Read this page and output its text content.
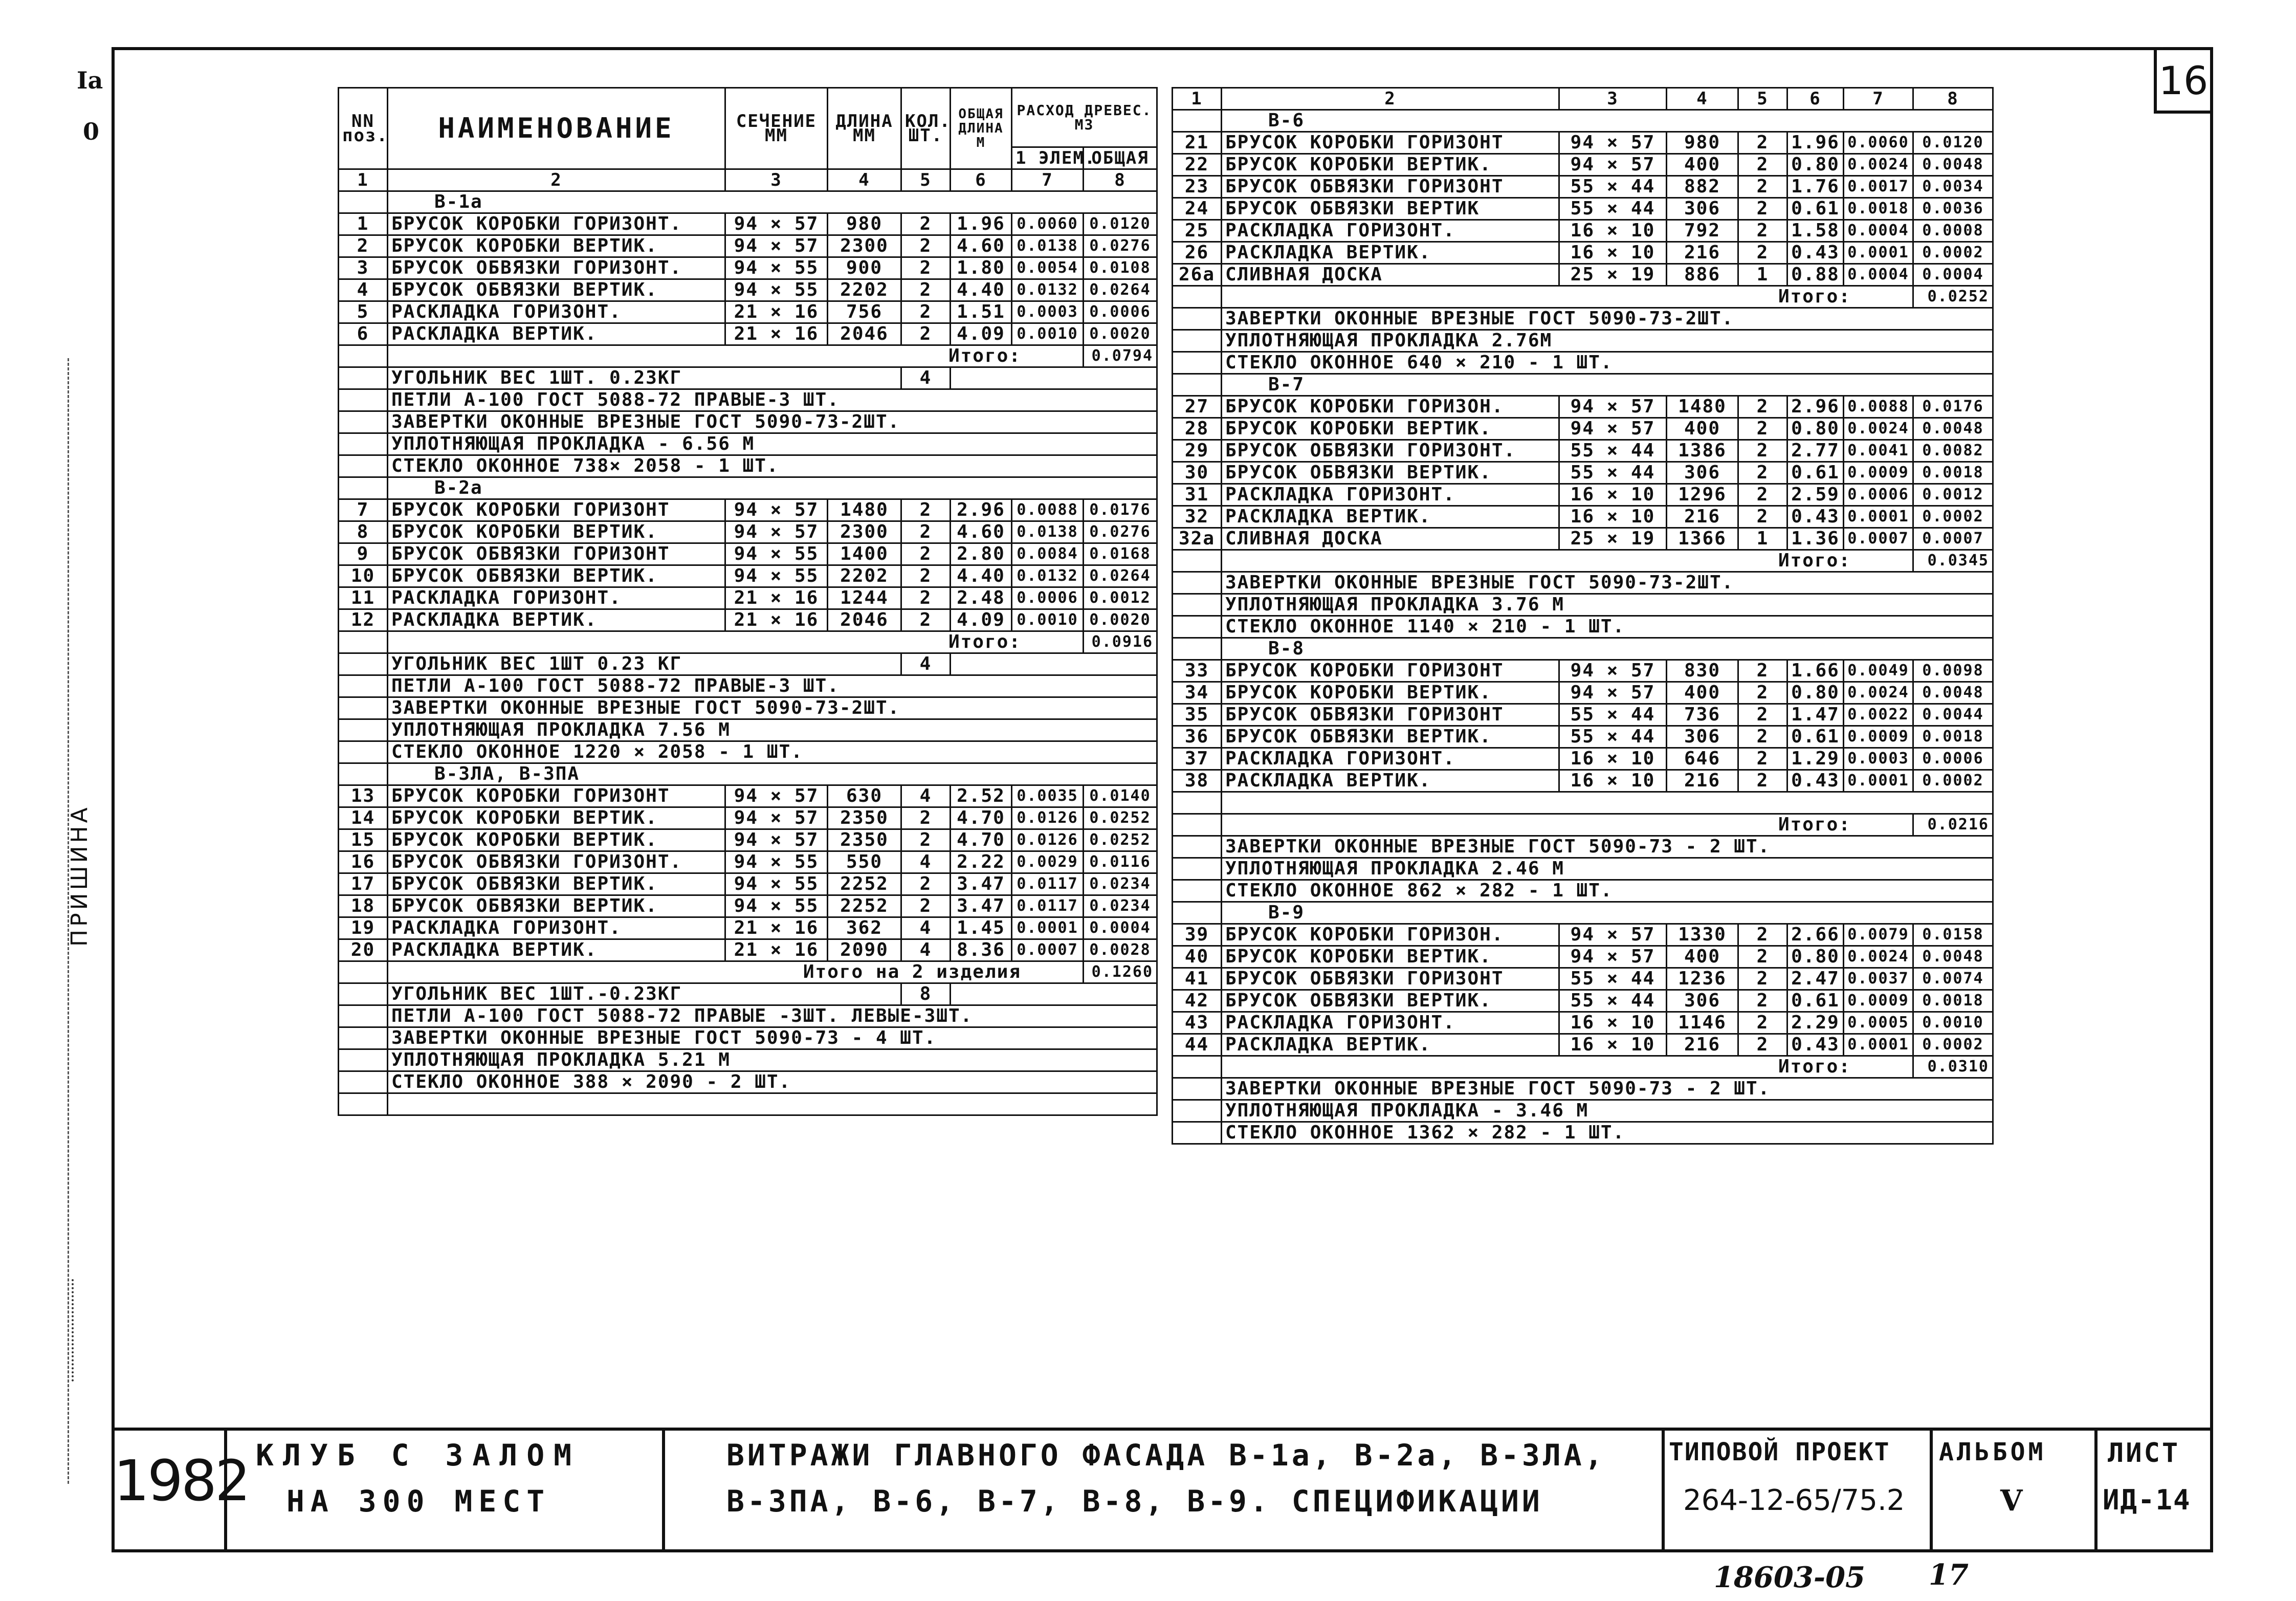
16
Iа
0
ПРИШИНА
NN поз.	НАИМЕНОВАНИЕ	СЕЧЕНИЕ ММ	ДЛИНА ММ	КОЛ. ШТ.	ОБЩАЯ ДЛИНА М	РАСХОД ДРЕВЕС. М3	
						1 ЭЛЕМ.	ОБЩАЯ
1	2	3	4	5	6	7	8
	В-1а						
1	БРУСОК КОРОБКИ ГОРИЗОНТ.	94 × 57	980	2	1.96	0.0060	0.0120
2	БРУСОК КОРОБКИ ВЕРТИК.	94 × 57	2300	2	4.60	0.0138	0.0276
3	БРУСОК ОБВЯЗКИ ГОРИЗОНТ.	94 × 55	900	2	1.80	0.0054	0.0108
4	БРУСОК ОБВЯЗКИ ВЕРТИК.	94 × 55	2202	2	4.40	0.0132	0.0264
5	РАСКЛАДКА ГОРИЗОНТ.	21 × 16	756	2	1.51	0.0003	0.0006
6	РАСКЛАДКА ВЕРТИК.	21 × 16	2046	2	4.09	0.0010	0.0020
	Итого:						0.0794
	УГОЛЬНИК ВЕС 1ШТ. 0.23КГ			4			
	ПЕТЛИ А-100 ГОСТ 5088-72 ПРАВЫЕ-3 ШТ.						
	ЗАВЕРТКИ ОКОННЫЕ ВРЕЗНЫЕ ГОСТ 5090-73-2ШТ.						
	УПЛОТНЯЮЩАЯ ПРОКЛАДКА - 6.56 М						
	СТЕКЛО ОКОННОЕ 738× 2058 - 1 ШТ.						
	В-2а						
7	БРУСОК КОРОБКИ ГОРИЗОНТ	94 × 57	1480	2	2.96	0.0088	0.0176
8	БРУСОК КОРОБКИ ВЕРТИК.	94 × 57	2300	2	4.60	0.0138	0.0276
9	БРУСОК ОБВЯЗКИ ГОРИЗОНТ	94 × 55	1400	2	2.80	0.0084	0.0168
10	БРУСОК ОБВЯЗКИ ВЕРТИК.	94 × 55	2202	2	4.40	0.0132	0.0264
11	РАСКЛАДКА ГОРИЗОНТ.	21 × 16	1244	2	2.48	0.0006	0.0012
12	РАСКЛАДКА ВЕРТИК.	21 × 16	2046	2	4.09	0.0010	0.0020
	Итого:						0.0916
	УГОЛЬНИК ВЕС 1ШТ 0.23 КГ			4			
	ПЕТЛИ А-100 ГОСТ 5088-72 ПРАВЫЕ-3 ШТ.						
	ЗАВЕРТКИ ОКОННЫЕ ВРЕЗНЫЕ ГОСТ 5090-73-2ШТ.						
	УПЛОТНЯЮЩАЯ ПРОКЛАДКА 7.56 М						
	СТЕКЛО ОКОННОЕ 1220 × 2058 - 1 ШТ.						
	В-3ЛА, В-3ПА						
13	БРУСОК КОРОБКИ ГОРИЗОНТ	94 × 57	630	4	2.52	0.0035	0.0140
14	БРУСОК КОРОБКИ ВЕРТИК.	94 × 57	2350	2	4.70	0.0126	0.0252
15	БРУСОК КОРОБКИ ВЕРТИК.	94 × 57	2350	2	4.70	0.0126	0.0252
16	БРУСОК ОБВЯЗКИ ГОРИЗОНТ.	94 × 55	550	4	2.22	0.0029	0.0116
17	БРУСОК ОБВЯЗКИ ВЕРТИК.	94 × 55	2252	2	3.47	0.0117	0.0234
18	БРУСОК ОБВЯЗКИ ВЕРТИК.	94 × 55	2252	2	3.47	0.0117	0.0234
19	РАСКЛАДКА ГОРИЗОНТ.	21 × 16	362	4	1.45	0.0001	0.0004
20	РАСКЛАДКА ВЕРТИК.	21 × 16	2090	4	8.36	0.0007	0.0028
	Итого на 2 изделия						0.1260
	УГОЛЬНИК ВЕС 1ШТ.-0.23КГ			8			
	ПЕТЛИ А-100 ГОСТ 5088-72 ПРАВЫЕ -3ШТ. ЛЕВЫЕ-3ШТ.						
	ЗАВЕРТКИ ОКОННЫЕ ВРЕЗНЫЕ ГОСТ 5090-73 - 4 ШТ.						
	УПЛОТНЯЮЩАЯ ПРОКЛАДКА 5.21 М						
	СТЕКЛО ОКОННОЕ 388 × 2090 - 2 ШТ.						

1	2	3	4	5	6	7	8
	В-6						
21	БРУСОК КОРОБКИ ГОРИЗОНТ	94 × 57	980	2	1.96	0.0060	0.0120
22	БРУСОК КОРОБКИ ВЕРТИК.	94 × 57	400	2	0.80	0.0024	0.0048
23	БРУСОК ОБВЯЗКИ ГОРИЗОНТ	55 × 44	882	2	1.76	0.0017	0.0034
24	БРУСОК ОБВЯЗКИ ВЕРТИК	55 × 44	306	2	0.61	0.0018	0.0036
25	РАСКЛАДКА ГОРИЗОНТ.	16 × 10	792	2	1.58	0.0004	0.0008
26	РАСКЛАДКА ВЕРТИК.	16 × 10	216	2	0.43	0.0001	0.0002
26а	СЛИВНАЯ ДОСКА	25 × 19	886	1	0.88	0.0004	0.0004
	Итого:						0.0252
	ЗАВЕРТКИ ОКОННЫЕ ВРЕЗНЫЕ ГОСТ 5090-73-2ШТ.						
	УПЛОТНЯЮЩАЯ ПРОКЛАДКА 2.76М						
	СТЕКЛО ОКОННОЕ 640 × 210 - 1 ШТ.						
	В-7						
27	БРУСОК КОРОБКИ ГОРИЗОН.	94 × 57	1480	2	2.96	0.0088	0.0176
28	БРУСОК КОРОБКИ ВЕРТИК.	94 × 57	400	2	0.80	0.0024	0.0048
29	БРУСОК ОБВЯЗКИ ГОРИЗОНТ.	55 × 44	1386	2	2.77	0.0041	0.0082
30	БРУСОК ОБВЯЗКИ ВЕРТИК.	55 × 44	306	2	0.61	0.0009	0.0018
31	РАСКЛАДКА ГОРИЗОНТ.	16 × 10	1296	2	2.59	0.0006	0.0012
32	РАСКЛАДКА ВЕРТИК.	16 × 10	216	2	0.43	0.0001	0.0002
32а	СЛИВНАЯ ДОСКА	25 × 19	1366	1	1.36	0.0007	0.0007
	Итого:						0.0345
	ЗАВЕРТКИ ОКОННЫЕ ВРЕЗНЫЕ ГОСТ 5090-73-2ШТ.						
	УПЛОТНЯЮЩАЯ ПРОКЛАДКА 3.76 М						
	СТЕКЛО ОКОННОЕ 1140 × 210 - 1 ШТ.						
	В-8						
33	БРУСОК КОРОБКИ ГОРИЗОНТ	94 × 57	830	2	1.66	0.0049	0.0098
34	БРУСОК КОРОБКИ ВЕРТИК.	94 × 57	400	2	0.80	0.0024	0.0048
35	БРУСОК ОБВЯЗКИ ГОРИЗОНТ	55 × 44	736	2	1.47	0.0022	0.0044
36	БРУСОК ОБВЯЗКИ ВЕРТИК.	55 × 44	306	2	0.61	0.0009	0.0018
37	РАСКЛАДКА ГОРИЗОНТ.	16 × 10	646	2	1.29	0.0003	0.0006
38	РАСКЛАДКА ВЕРТИК.	16 × 10	216	2	0.43	0.0001	0.0002

	Итого:						0.0216
	ЗАВЕРТКИ ОКОННЫЕ ВРЕЗНЫЕ ГОСТ 5090-73 - 2 ШТ.						
	УПЛОТНЯЮЩАЯ ПРОКЛАДКА 2.46 М						
	СТЕКЛО ОКОННОЕ 862 × 282 - 1 ШТ.						
	В-9						
39	БРУСОК КОРОБКИ ГОРИЗОН.	94 × 57	1330	2	2.66	0.0079	0.0158
40	БРУСОК КОРОБКИ ВЕРТИК.	94 × 57	400	2	0.80	0.0024	0.0048
41	БРУСОК ОБВЯЗКИ ГОРИЗОНТ	55 × 44	1236	2	2.47	0.0037	0.0074
42	БРУСОК ОБВЯЗКИ ВЕРТИК.	55 × 44	306	2	0.61	0.0009	0.0018
43	РАСКЛАДКА ГОРИЗОНТ.	16 × 10	1146	2	2.29	0.0005	0.0010
44	РАСКЛАДКА ВЕРТИК.	16 × 10	216	2	0.43	0.0001	0.0002
	Итого:						0.0310
	ЗАВЕРТКИ ОКОННЫЕ ВРЕЗНЫЕ ГОСТ 5090-73 - 2 ШТ.						
	УПЛОТНЯЮЩАЯ ПРОКЛАДКА - 3.46 М						
	СТЕКЛО ОКОННОЕ 1362 × 282 - 1 ШТ.						
1982 КЛУБ С ЗАЛОМ
НА 300 МЕСТ
ВИТРАЖИ ГЛАВНОГО ФАСАДА В-1а, В-2а, В-3ЛА,
В-3ПА, В-6, В-7, В-8, В-9. СПЕЦИФИКАЦИИ
ТИПОВОЙ ПРОЕКТ
264-12-65/75.2
АЛЬБОМ
V
ЛИСТ
ИД-14
18603-05 17
